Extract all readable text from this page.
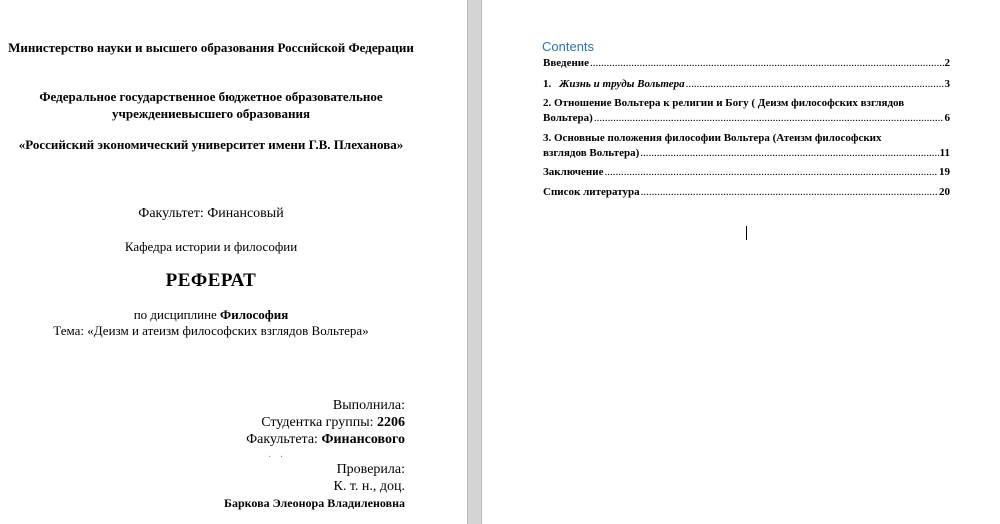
Министерство науки и высшего образования Российской Федерации
Федеральное государственное бюджетное образовательное учреждениевысшего образования
«Российский экономический университет имени Г.В. Плеханова»
Факультет: Финансовый
Кафедра истории и философии
РЕФЕРАТ
по дисциплине Философия
Тема: «Деизм и атеизм философских взглядов Вольтера»
Выполнила:
Студентка группы: 2206
Факультета: Финансового
· ·
Проверила:
К. т. н., доц.
Баркова Элеонора Владиленовна
Contents
Введение .....	2
1. Жизнь и труды Вольтера .....	3
2. Отношение Вольтера к религии и Богу ( Деизм философских взглядов
Вольтера) .....	6
3. Основные положения философии Вольтера (Атеизм философских
взглядов Вольтера) .....	11
Заключение .....	19
Список литература .....	20
